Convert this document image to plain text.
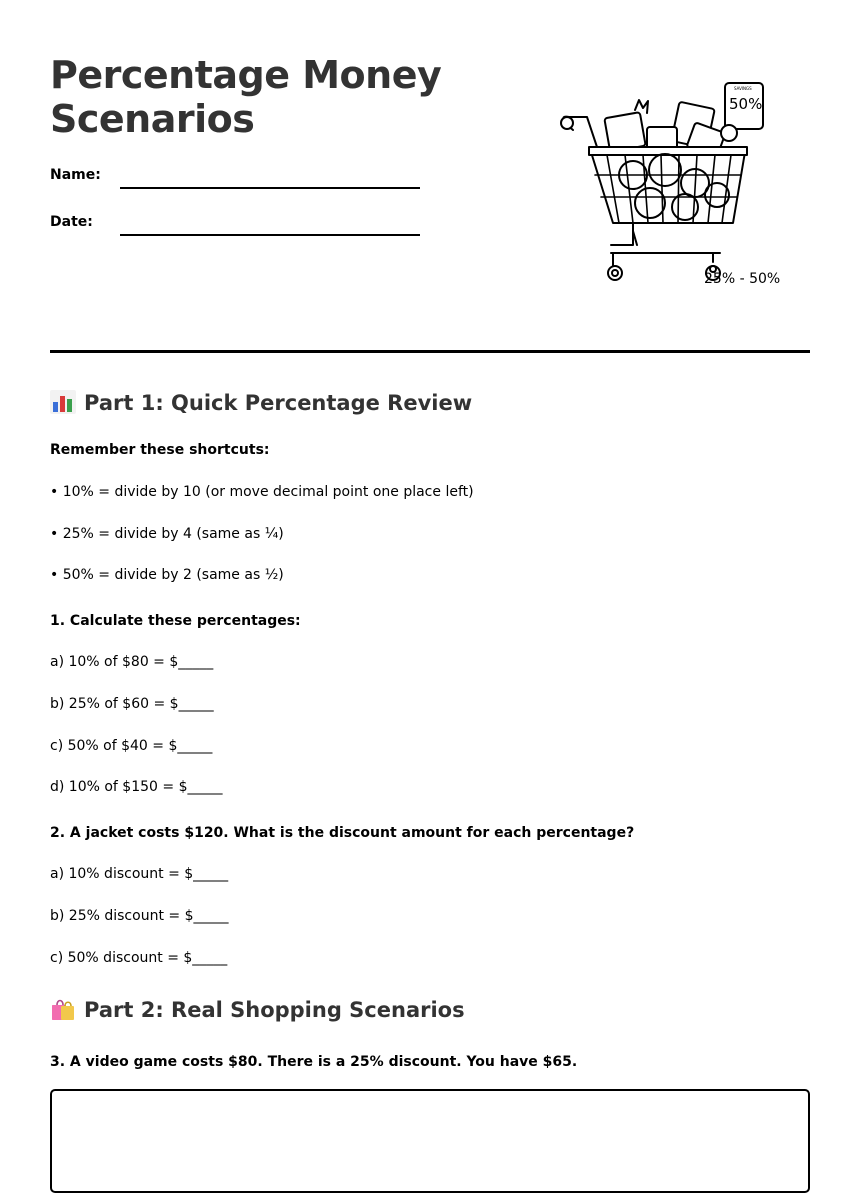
Percentage Money Scenarios
Name:
Date:
SAVINGS
50%
25% - 50%
Part 1: Quick Percentage Review
Remember these shortcuts:
• 10% = divide by 10 (or move decimal point one place left)
• 25% = divide by 4 (same as ¼)
• 50% = divide by 2 (same as ½)
1. Calculate these percentages:
a) 10% of $80 = $_____
b) 25% of $60 = $_____
c) 50% of $40 = $_____
d) 10% of $150 = $_____
2. A jacket costs $120. What is the discount amount for each percentage?
a) 10% discount = $_____
b) 25% discount = $_____
c) 50% discount = $_____
Part 2: Real Shopping Scenarios
3. A video game costs $80. There is a 25% discount. You have $65.
